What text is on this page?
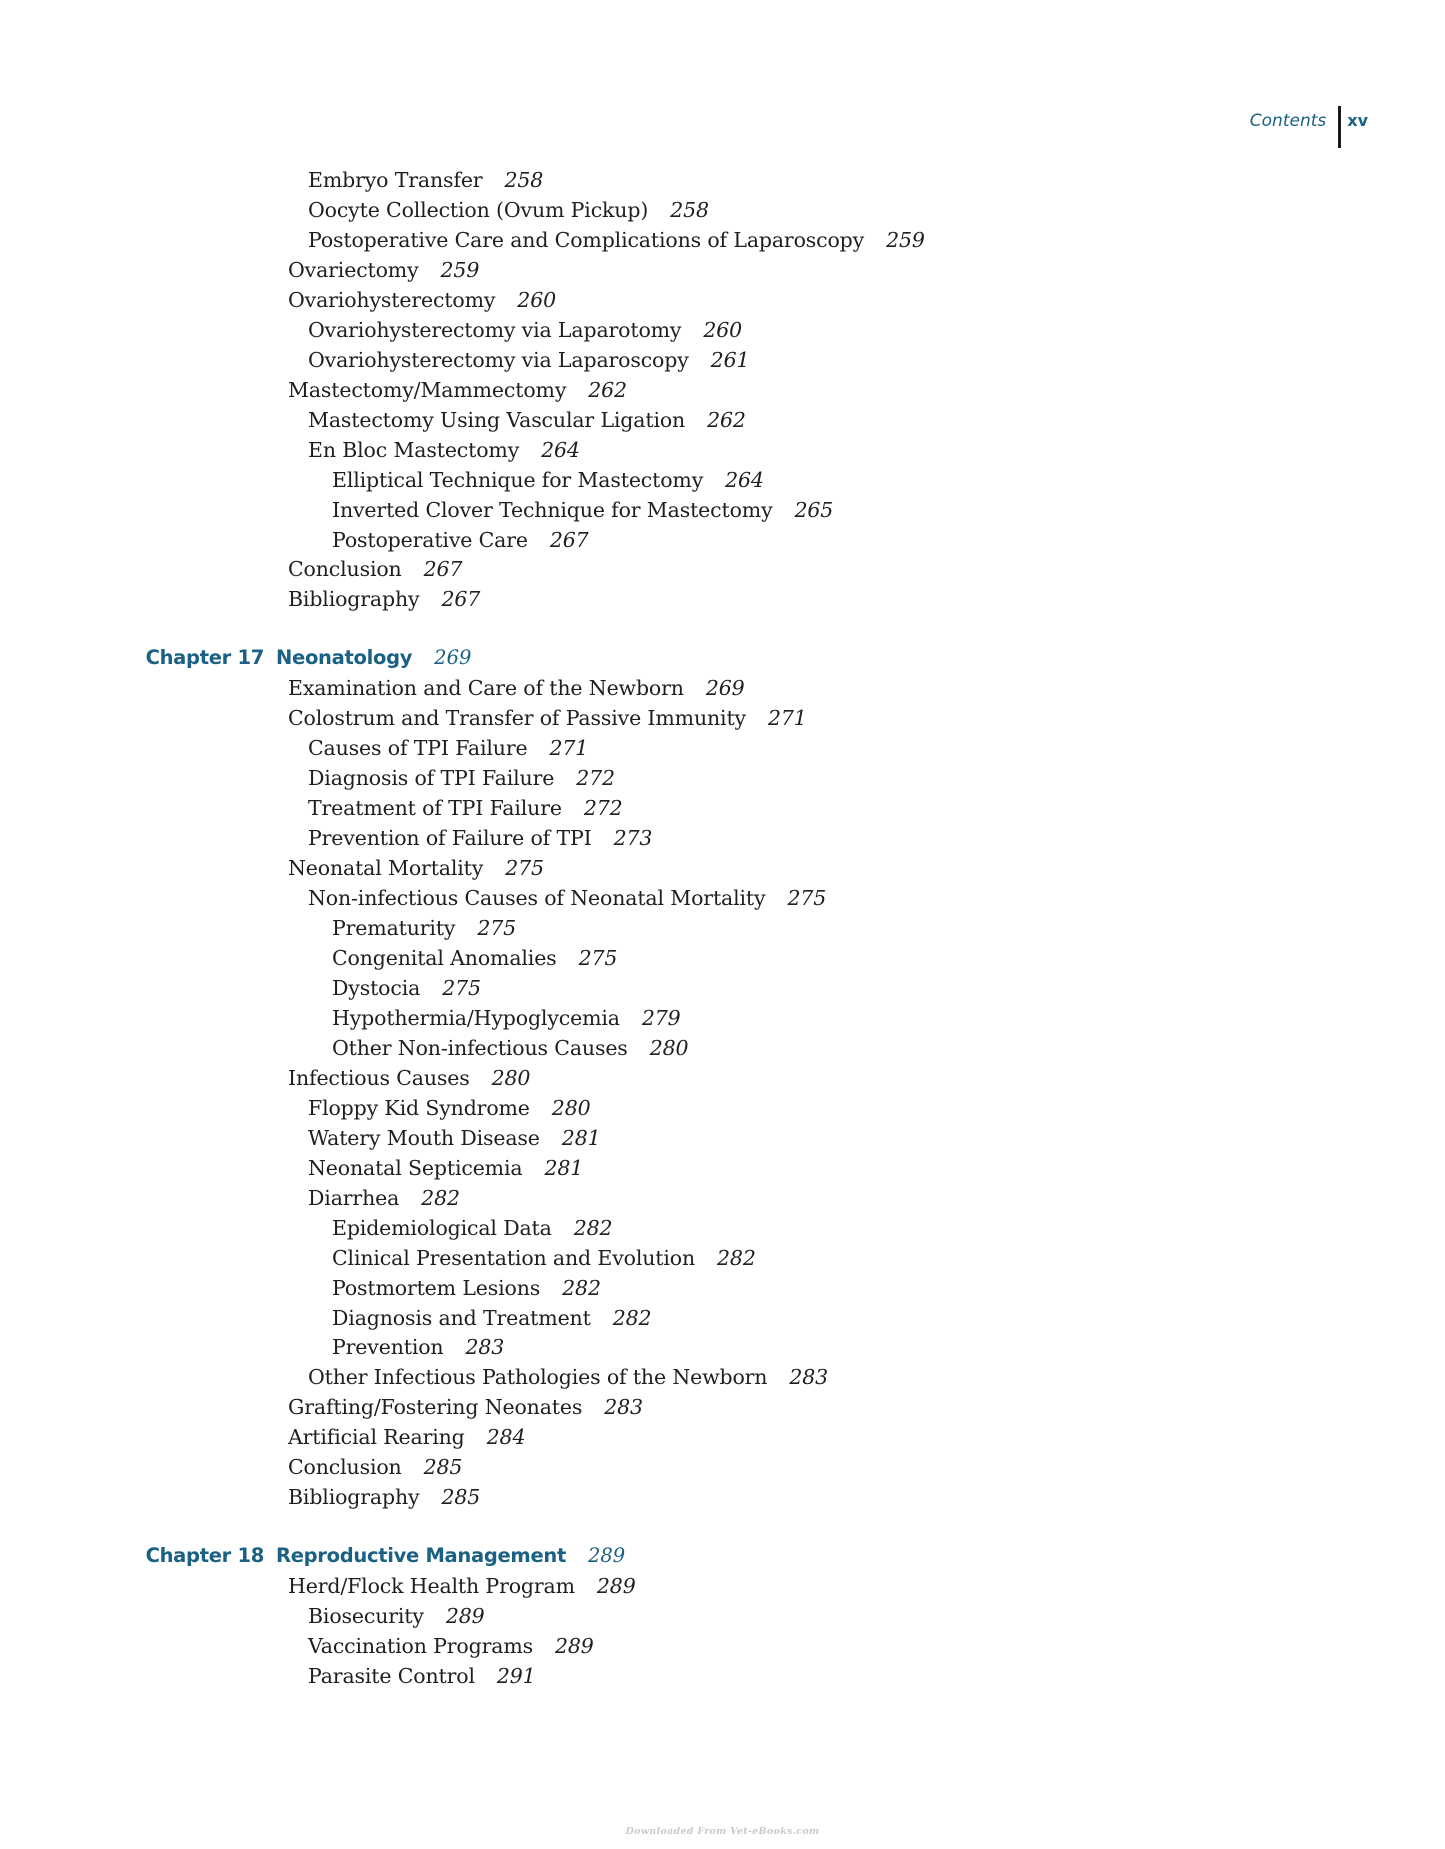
Contents	xv
Embryo Transfer 258
Oocyte Collection (Ovum Pickup) 258
Postoperative Care and Complications of Laparoscopy 259
Ovariectomy 259
Ovariohysterectomy 260
Ovariohysterectomy via Laparotomy 260
Ovariohysterectomy via Laparoscopy 261
Mastectomy/Mammectomy 262
Mastectomy Using Vascular Ligation 262
En Bloc Mastectomy 264
Elliptical Technique for Mastectomy 264
Inverted Clover Technique for Mastectomy 265
Postoperative Care 267
Conclusion 267
Bibliography 267
Chapter 17 Neonatology 269
Examination and Care of the Newborn 269
Colostrum and Transfer of Passive Immunity 271
Causes of TPI Failure 271
Diagnosis of TPI Failure 272
Treatment of TPI Failure 272
Prevention of Failure of TPI 273
Neonatal Mortality 275
Non-infectious Causes of Neonatal Mortality 275
Prematurity 275
Congenital Anomalies 275
Dystocia 275
Hypothermia/Hypoglycemia 279
Other Non-infectious Causes 280
Infectious Causes 280
Floppy Kid Syndrome 280
Watery Mouth Disease 281
Neonatal Septicemia 281
Diarrhea 282
Epidemiological Data 282
Clinical Presentation and Evolution 282
Postmortem Lesions 282
Diagnosis and Treatment 282
Prevention 283
Other Infectious Pathologies of the Newborn 283
Grafting/Fostering Neonates 283
Artificial Rearing 284
Conclusion 285
Bibliography 285
Chapter 18 Reproductive Management 289
Herd/Flock Health Program 289
Biosecurity 289
Vaccination Programs 289
Parasite Control 291
Downloaded From Vet-eBooks.com
